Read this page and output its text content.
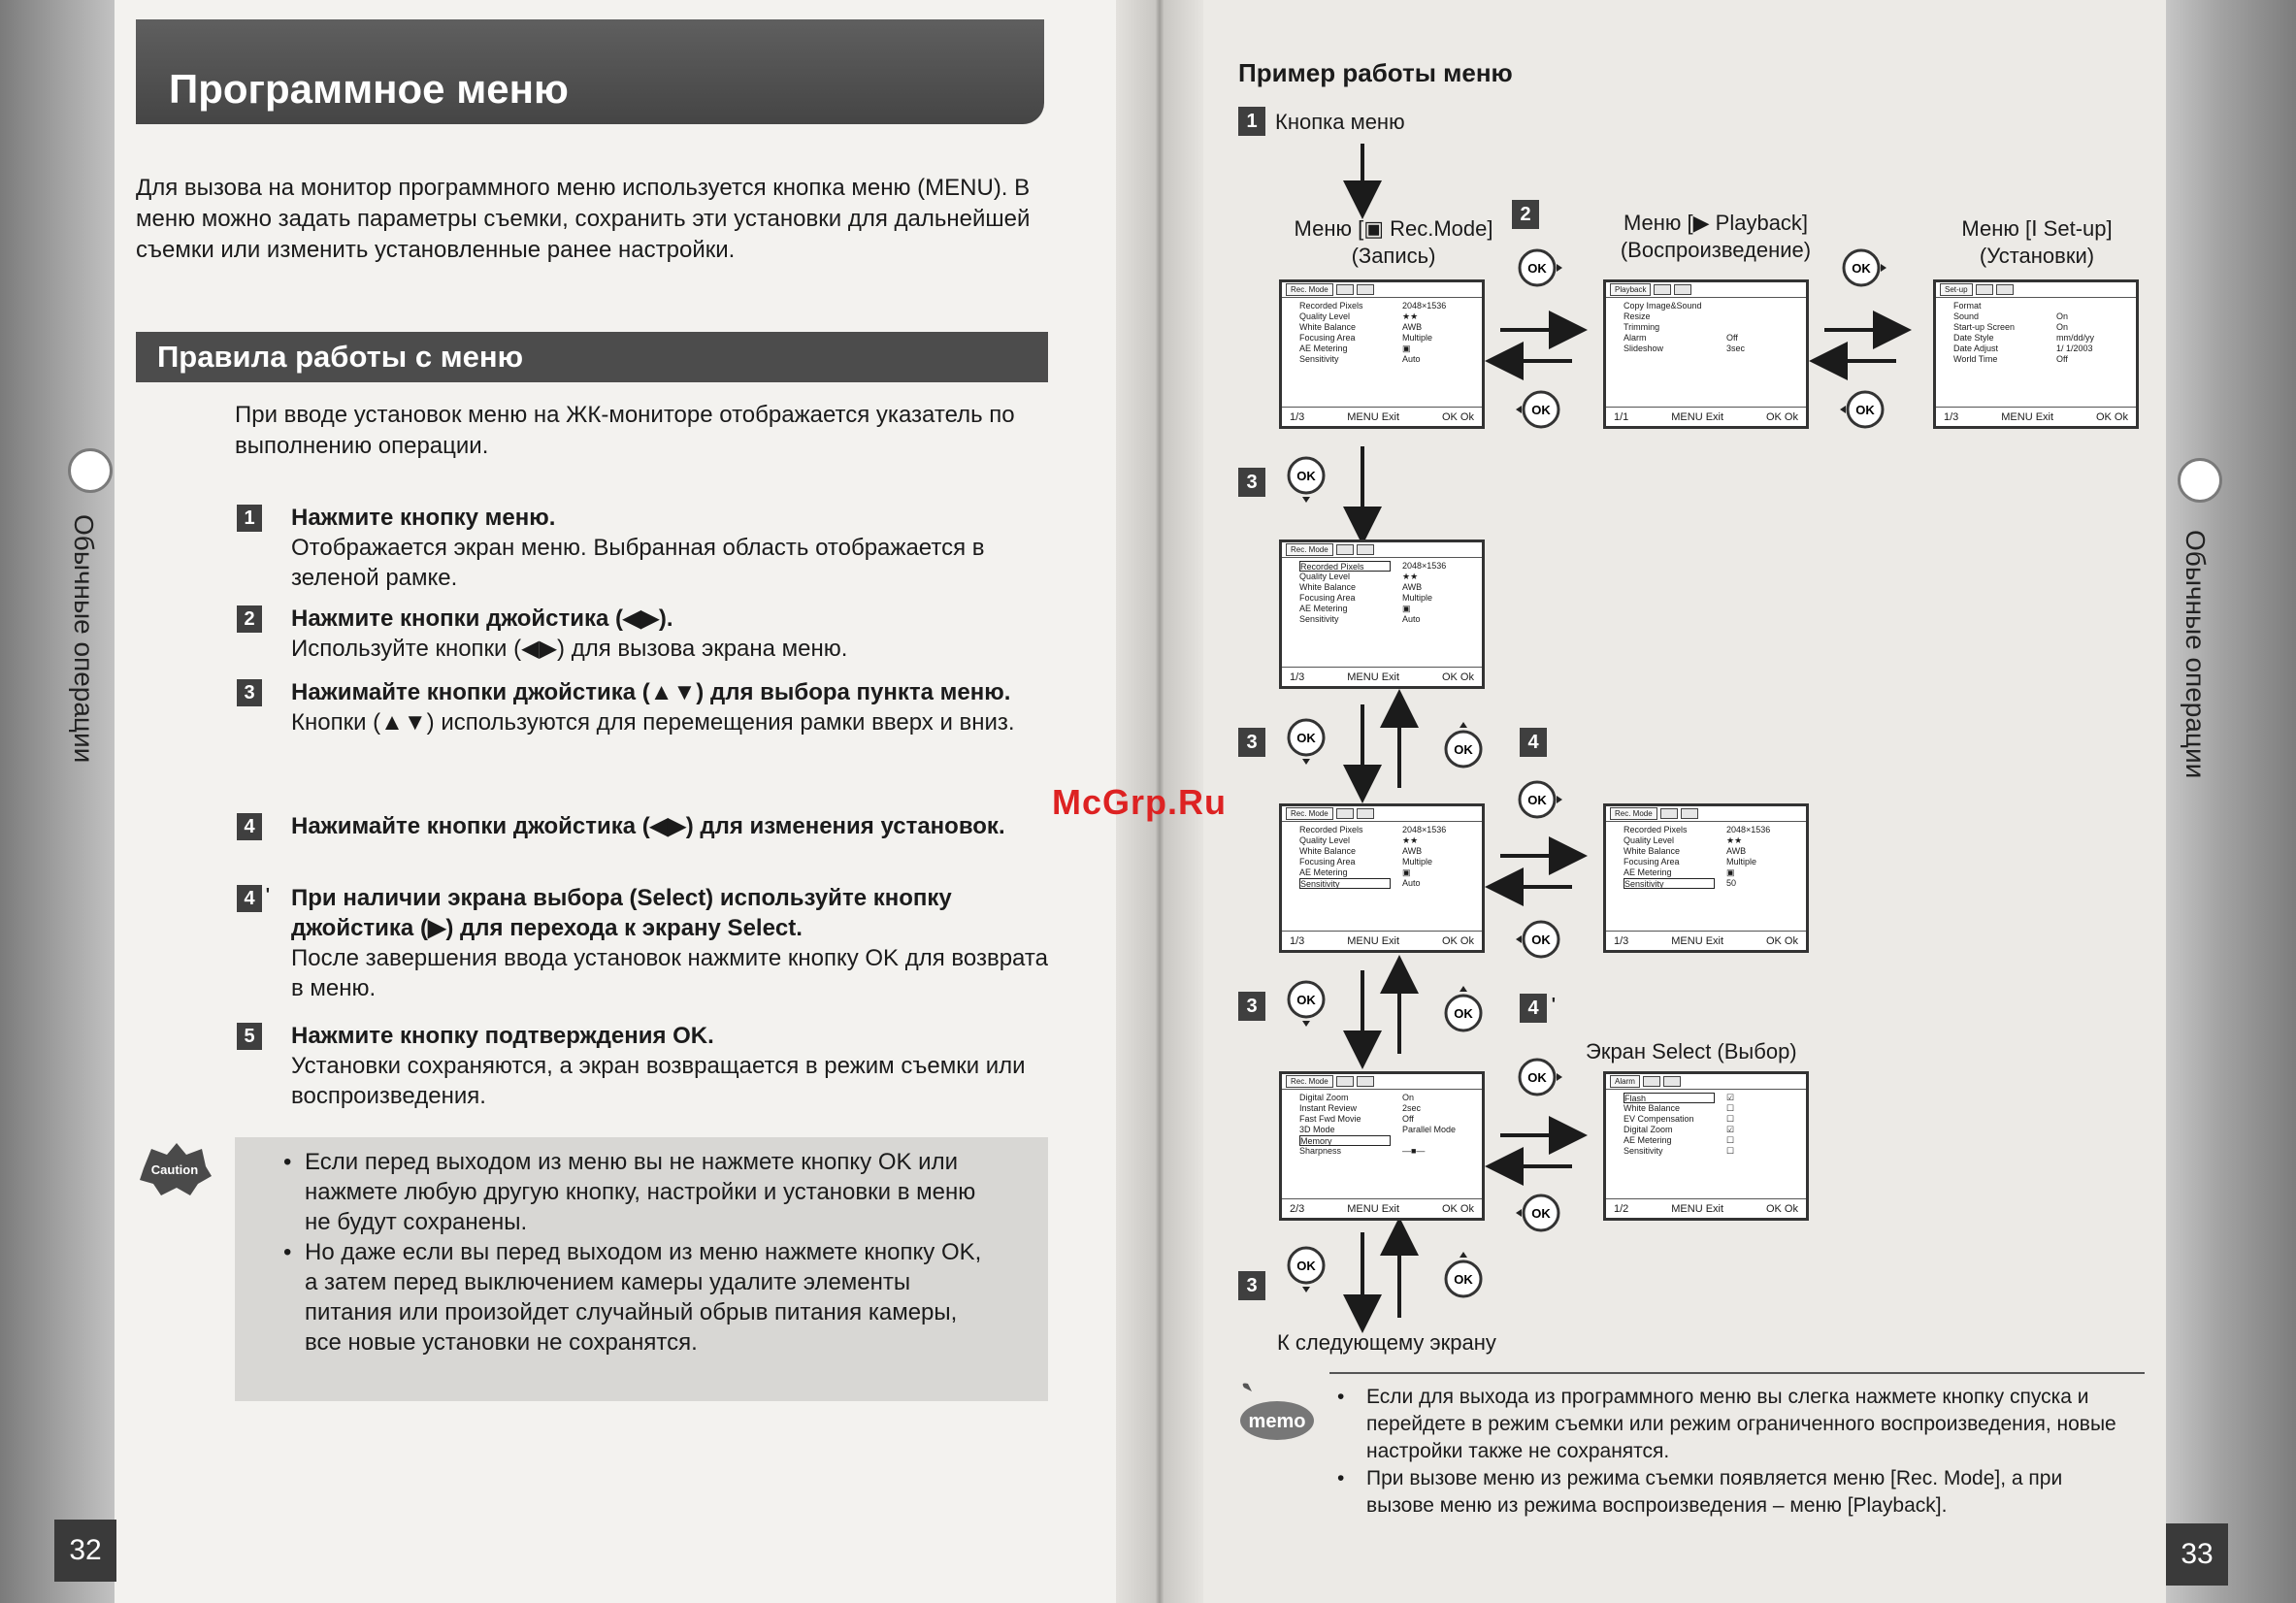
Обычные операции
32
Программное меню

Для вызова на монитор программного меню используется кнопка меню (MENU). В меню можно задать параметры съемки, сохранить эти установки для дальнейшей съемки или изменить установленные ранее настройки.

Правила работы с меню

При вводе установок меню на ЖК-мониторе отображается указатель по выполнению операции.

1	Нажмите кнопку меню.
Отображается экран меню. Выбранная область отображается в зеленой рамке.
2	Нажмите кнопки джойстика (◀▶).
Используйте кнопки (◀▶) для вызова экрана меню.
3	Нажимайте кнопки джойстика (▲▼) для выбора пункта меню.
Кнопки (▲▼) используются для перемещения рамки вверх и вниз.
4	Нажимайте кнопки джойстика (◀▶) для изменения установок.
4 '	При наличии экрана выбора (Select) используйте кнопку джойстика (▶) для перехода к экрану Select.
После завершения ввода установок нажмите кнопку OK для возврата в меню.
5	Нажмите кнопку подтверждения OK.
Установки сохраняются, а экран возвращается в режим съемки или воспроизведения.
Caution
•	Если перед выходом из меню вы не нажмете кнопку OK или нажмете любую другую кнопку, настройки и установки в меню не будут сохранены.
• Но даже если вы перед выходом из меню нажмете кнопку OK, а затем перед выключением камеры удалите элементы питания или произойдет случайный обрыв питания камеры, все новые установки не сохранятся.
Обычные операции
33
Пример работы меню
1 Кнопка меню
Меню [▣ Rec.Mode]
(Запись)
2	Меню [▶ Playback]
(Воспроизведение)
Меню [Ⅰ Set-up]
(Установки)
OK
OK
OK
OK
3	OK
3	OK
OK	4
OK
OK
3	OK
OK	4 '
Экран Select (Выбор)
OK
OK
3
OK
OK
К следующему экрану
Rec. Mode
Recorded Pixels	2048×1536
Quality Level	★★
White Balance	AWB
Focusing Area	Multiple
AE Metering	▣
Sensitivity	Auto
1/3	MENU Exit	OK Ok
Playback
Copy Image&Sound
Resize
Trimming
Alarm	Off
Slideshow	3sec
1/1	MENU Exit	OK Ok
Set-up
Format
Sound	On
Start-up Screen	On
Date Style	mm/dd/yy
Date Adjust	1/ 1/2003
World Time	Off
1/3	MENU Exit	OK Ok
Rec. Mode
Recorded Pixels	2048×1536
Quality Level	★★
White Balance	AWB
Focusing Area	Multiple
AE Metering	▣
Sensitivity	Auto
1/3	MENU Exit	OK Ok
Rec. Mode
Recorded Pixels	2048×1536
Quality Level	★★
White Balance	AWB
Focusing Area	Multiple
AE Metering	▣
Sensitivity	Auto
1/3	MENU Exit	OK Ok
Rec. Mode
Recorded Pixels	2048×1536
Quality Level	★★
White Balance	AWB
Focusing Area	Multiple
AE Metering	▣
Sensitivity	50
1/3	MENU Exit	OK Ok
Rec. Mode
Digital Zoom	On
Instant Review	2sec
Fast Fwd Movie	Off
3D Mode	Parallel Mode
Memory
Sharpness	—■—
2/3	MENU Exit	OK Ok
Alarm
Flash	☑
White Balance	☐
EV Compensation	☐
Digital Zoom	☑
AE Metering	☐
Sensitivity	☐
1/2	MENU Exit	OK Ok
memo
• Если для выхода из программного меню вы слегка нажмете кнопку спуска и перейдете в режим съемки или режим ограниченного воспроизведения, новые настройки также не сохранятся.
• При вызове меню из режима съемки появляется меню [Rec. Mode], а при вызове меню из режима воспроизведения – меню [Playback].
McGrp.Ru
